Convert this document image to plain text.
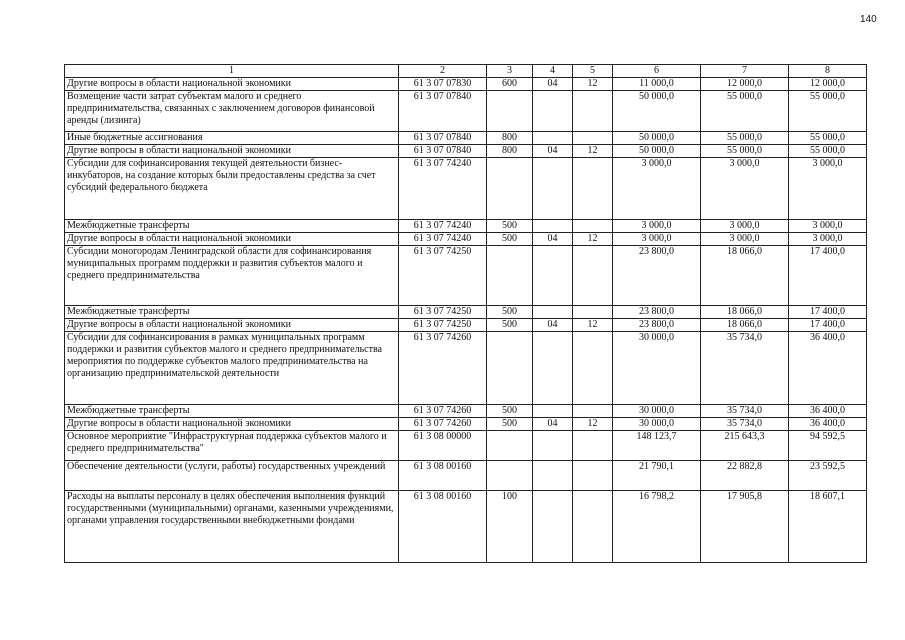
140
1	2	3	4	5	6	7	8
Другие вопросы в области национальной экономики	61 3 07 07830	600	04	12	11 000,0	12 000,0	12 000,0
Возмещение части затрат субъектам малого и среднего предпринимательства, связанных с заключением договоров финансовой аренды (лизинга)	61 3 07 07840				50 000,0	55 000,0	55 000,0
Иные бюджетные ассигнования	61 3 07 07840	800			50 000,0	55 000,0	55 000,0
Другие вопросы в области национальной экономики	61 3 07 07840	800	04	12	50 000,0	55 000,0	55 000,0
Субсидии для софинансирования текущей деятельности бизнес-инкубаторов, на создание которых были предоставлены средства за счет субсидий федерального бюджета	61 3 07 74240				3 000,0	3 000,0	3 000,0
Межбюджетные трансферты	61 3 07 74240	500			3 000,0	3 000,0	3 000,0
Другие вопросы в области национальной экономики	61 3 07 74240	500	04	12	3 000,0	3 000,0	3 000,0
Субсидии моногородам Ленинградской области для софинансирования муниципальных программ поддержки и развития субъектов малого и среднего предпринимательства	61 3 07 74250				23 800,0	18 066,0	17 400,0
Межбюджетные трансферты	61 3 07 74250	500			23 800,0	18 066,0	17 400,0
Другие вопросы в области национальной экономики	61 3 07 74250	500	04	12	23 800,0	18 066,0	17 400,0
Субсидии для софинансирования в рамках муниципальных программ поддержки и развития субъектов малого и среднего предпринимательства мероприятия по поддержке субъектов малого предпринимательства на организацию предпринимательской деятельности	61 3 07 74260				30 000,0	35 734,0	36 400,0
Межбюджетные трансферты	61 3 07 74260	500			30 000,0	35 734,0	36 400,0
Другие вопросы в области национальной экономики	61 3 07 74260	500	04	12	30 000,0	35 734,0	36 400,0
Основное мероприятие "Инфраструктурная поддержка субъектов малого и среднего предпринимательства"	61 3 08 00000				148 123,7	215 643,3	94 592,5
Обеспечение деятельности (услуги, работы) государственных учреждений	61 3 08 00160				21 790,1	22 882,8	23 592,5
Расходы на выплаты персоналу в целях обеспечения выполнения функций государственными (муниципальными) органами, казенными учреждениями, органами управления государственными внебюджетными фондами	61 3 08 00160	100			16 798,2	17 905,8	18 607,1
